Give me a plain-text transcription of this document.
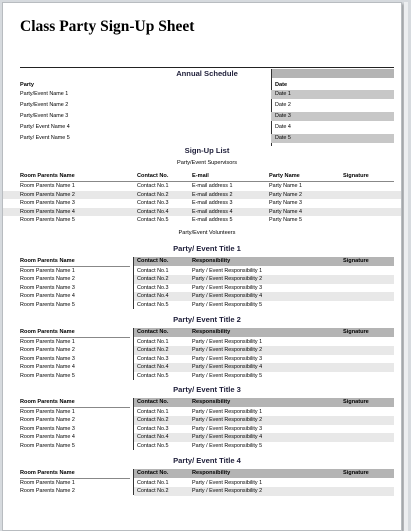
Class Party Sign-Up Sheet
Annual Schedule
Party	Date
Party/Event Name 1	Date 1
Party/Event Name 2	Date 2
Party/Event Name 3	Date 3
Party/ Event Name 4	Date 4
Party/ Event Name 5	Date 5
Sign-Up List
Party/Event Supervisors
Room Parents Name	Contact No.	E-mail	Party Name	Signature
Room Parents Name 1	Contact No.1	E-mail address 1	Party Name 1
Room Parents Name 2	Contact No.2	E-mail address 2	Party Name 2
Room Parents Name 3	Contact No.3	E-mail address 3	Party Name 3
Room Parents Name 4	Contact No.4	E-mail address 4	Party Name 4
Room Parents Name 5	Contact No.5	E-mail address 5	Party Name 5
Party/Event Volunteers
Party/ Event Title 1
Room Parents Name	Contact No.	Responsibility	Signature
Room Parents Name 1	Contact No.1	Party / Event Responsibility 1
Room Parents Name 2	Contact No.2	Party / Event Responsibility 2
Room Parents Name 3	Contact No.3	Party / Event Responsibility 3
Room Parents Name 4	Contact No.4	Party / Event Responsibility 4
Room Parents Name 5	Contact No.5	Party / Event Responsibility 5
Party/ Event Title 2
Room Parents Name	Contact No.	Responsibility	Signature
Room Parents Name 1	Contact No.1	Party / Event Responsibility 1
Room Parents Name 2	Contact No.2	Party / Event Responsibility 2
Room Parents Name 3	Contact No.3	Party / Event Responsibility 3
Room Parents Name 4	Contact No.4	Party / Event Responsibility 4
Room Parents Name 5	Contact No.5	Party / Event Responsibility 5
Party/ Event Title 3
Room Parents Name	Contact No.	Responsibility	Signature
Room Parents Name 1	Contact No.1	Party / Event Responsibility 1
Room Parents Name 2	Contact No.2	Party / Event Responsibility 2
Room Parents Name 3	Contact No.3	Party / Event Responsibility 3
Room Parents Name 4	Contact No.4	Party / Event Responsibility 4
Room Parents Name 5	Contact No.5	Party / Event Responsibility 5
Party/ Event Title 4
Room Parents Name	Contact No.	Responsibility	Signature
Room Parents Name 1	Contact No.1	Party / Event Responsibility 1
Room Parents Name 2	Contact No.2	Party / Event Responsibility 2
